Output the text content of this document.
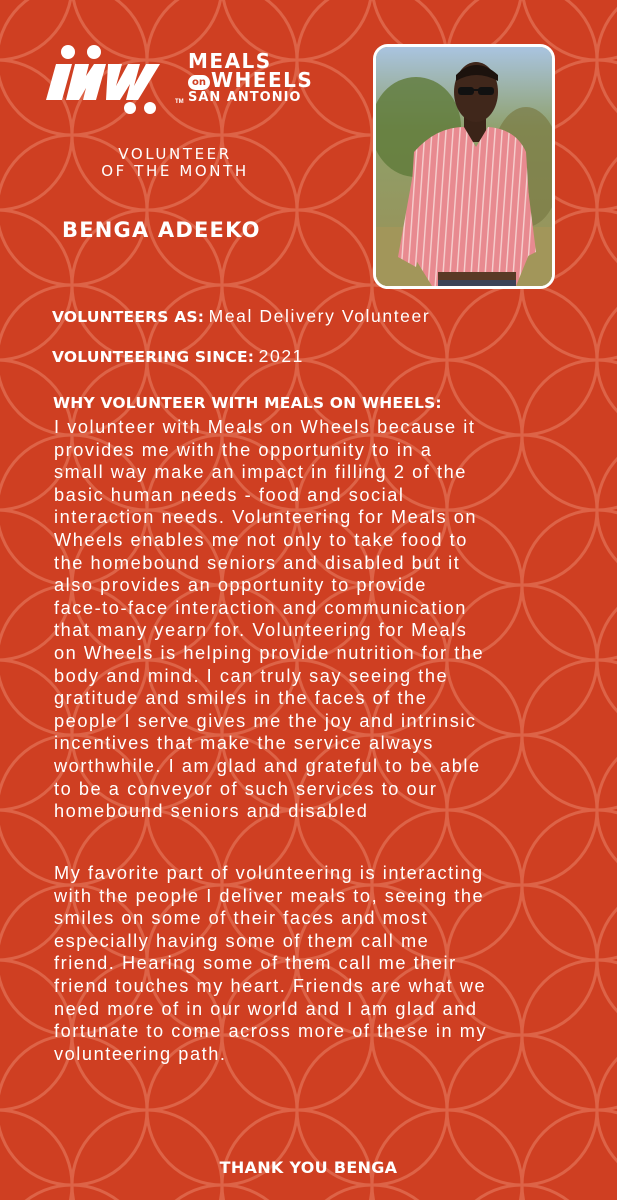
TM
MEALS
on WHEELS
SAN ANTONIO
VOLUNTEER
OF THE MONTH
BENGA ADEEKO
VOLUNTEERS AS: Meal Delivery Volunteer
VOLUNTEERING SINCE: 2021
WHY VOLUNTEER WITH MEALS ON WHEELS:
I volunteer with Meals on Wheels because it
provides me with the opportunity to in a
small way make an impact in filling 2 of the
basic human needs - food and social
interaction needs. Volunteering for Meals on
Wheels enables me not only to take food to
the homebound seniors and disabled but it
also provides an opportunity to provide
face-to-face interaction and communication
that many yearn for. Volunteering for Meals
on Wheels is helping provide nutrition for the
body and mind. I can truly say seeing the
gratitude and smiles in the faces of the
people I serve gives me the joy and intrinsic
incentives that make the service always
worthwhile. I am glad and grateful to be able
to be a conveyor of such services to our
homebound seniors and disabled
My favorite part of volunteering is interacting
with the people I deliver meals to, seeing the
smiles on some of their faces and most
especially having some of them call me
friend. Hearing some of them call me their
friend touches my heart. Friends are what we
need more of in our world and I am glad and
fortunate to come across more of these in my
volunteering path.
THANK YOU BENGA
